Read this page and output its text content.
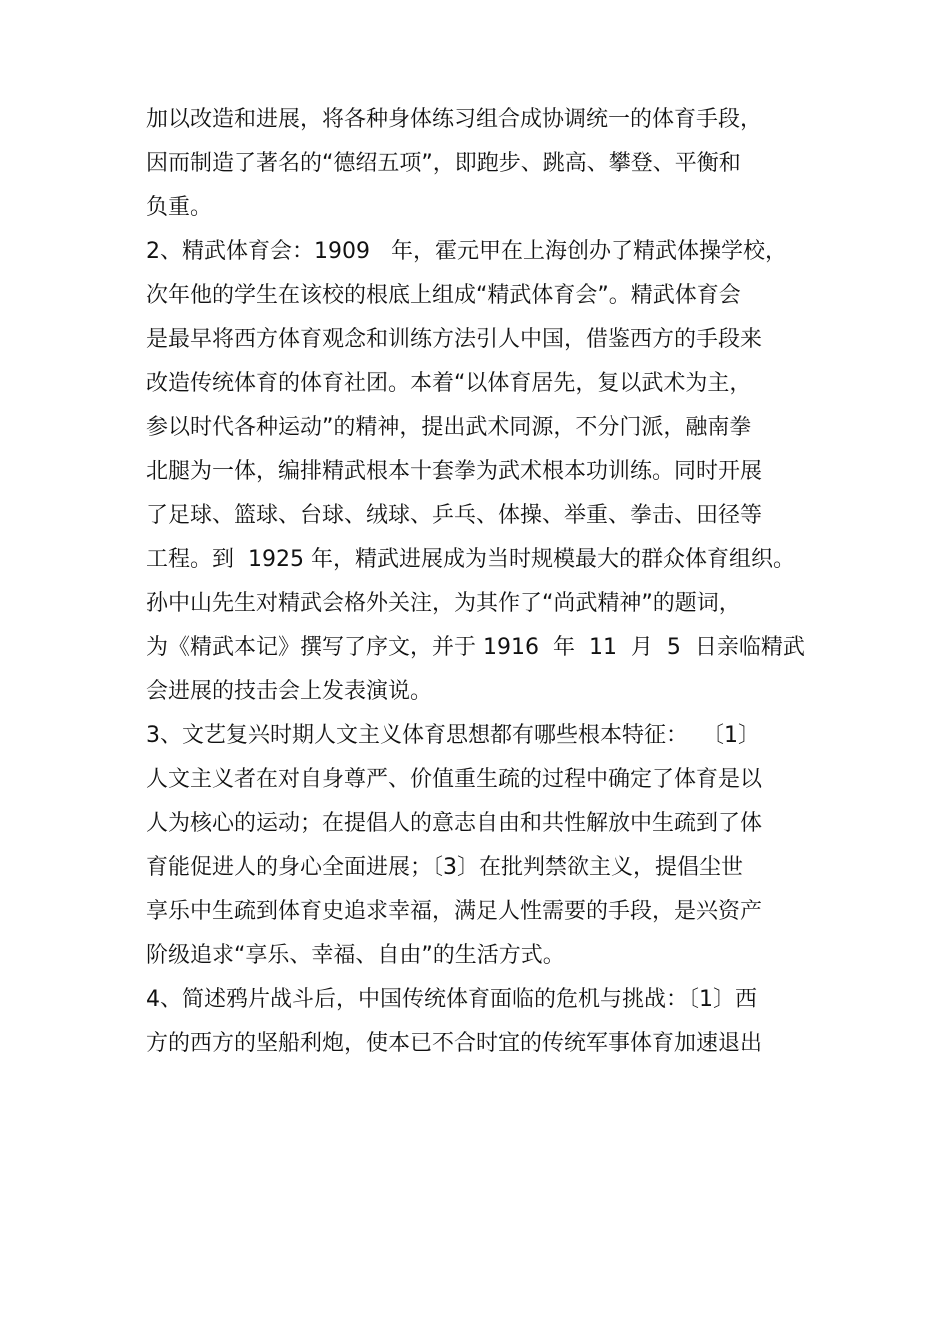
加以改造和进展，将各种身体练习组合成协调统一的体育手段，
因而制造了著名的“德绍五项”，即跑步、跳高、攀登、平衡和
负重。
2、精武体育会：1909   年，霍元甲在上海创办了精武体操学校，
次年他的学生在该校的根底上组成“精武体育会”。精武体育会
是最早将西方体育观念和训练方法引人中国，借鉴西方的手段来
改造传统体育的体育社团。本着“以体育居先，复以武术为主，
参以时代各种运动”的精神，提出武术同源，不分门派，融南拳
北腿为一体，编排精武根本十套拳为武术根本功训练。同时开展
了足球、篮球、台球、绒球、乒乓、体操、举重、拳击、田径等
工程。到  1925 年，精武进展成为当时规模最大的群众体育组织。
孙中山先生对精武会格外关注，为其作了“尚武精神”的题词，
为《精武本记》撰写了序文，并于 1916  年  11  月  5  日亲临精武
会进展的技击会上发表演说。
3、文艺复兴时期人文主义体育思想都有哪些根本特征：  〔1〕
人文主义者在对自身尊严、价值重生疏的过程中确定了体育是以
人为核心的运动；在提倡人的意志自由和共性解放中生疏到了体
育能促进人的身心全面进展；〔3〕在批判禁欲主义，提倡尘世
享乐中生疏到体育史追求幸福，满足人性需要的手段，是兴资产
阶级追求“享乐、幸福、自由”的生活方式。
4、简述鸦片战斗后，中国传统体育面临的危机与挑战：〔1〕西
方的西方的坚船利炮，使本已不合时宜的传统军事体育加速退出
